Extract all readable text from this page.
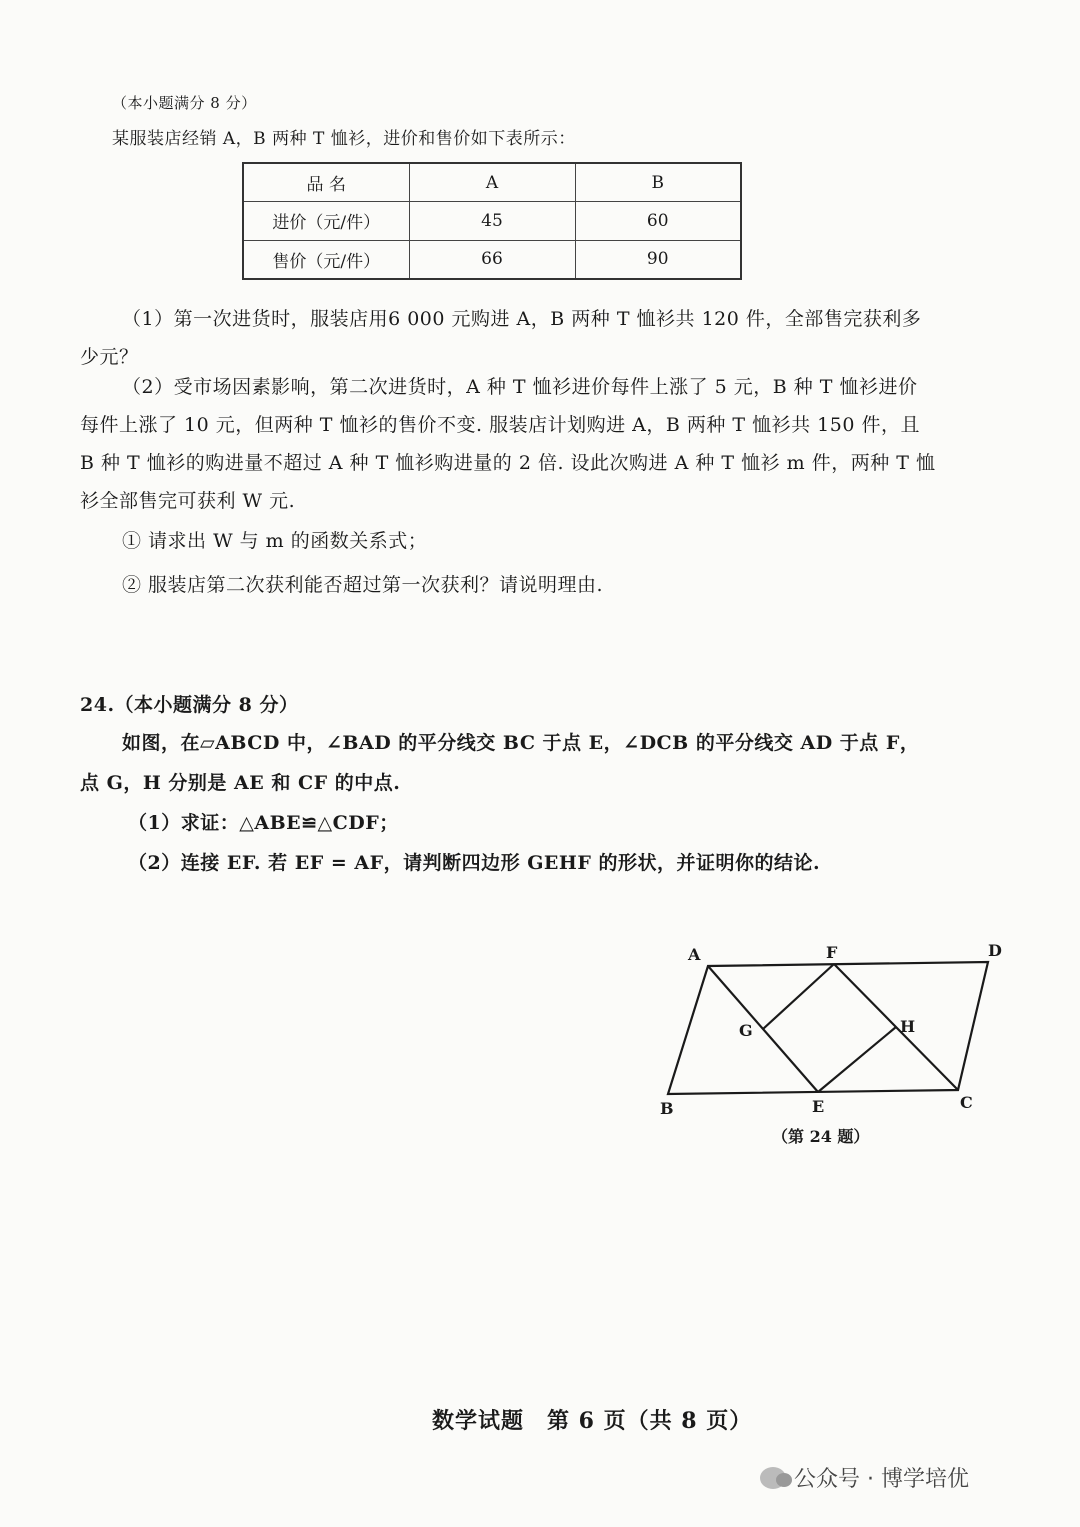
（本小题满分 8 分）
某服装店经销 A，B 两种 T 恤衫，进价和售价如下表所示：
品 名	A	B
进价（元/件）	45	60
售价（元/件）	66	90
（1）第一次进货时，服装店用6 000 元购进 A，B 两种 T 恤衫共 120 件，全部售完获利多
少元？
（2）受市场因素影响，第二次进货时，A 种 T 恤衫进价每件上涨了 5 元，B 种 T 恤衫进价
每件上涨了 10 元，但两种 T 恤衫的售价不变. 服装店计划购进 A，B 两种 T 恤衫共 150 件，且
B 种 T 恤衫的购进量不超过 A 种 T 恤衫购进量的 2 倍. 设此次购进 A 种 T 恤衫 m 件，两种 T 恤
衫全部售完可获利 W 元.
① 请求出 W 与 m 的函数关系式；
② 服装店第二次获利能否超过第一次获利？请说明理由.
24.（本小题满分 8 分）
如图，在▱ABCD 中，∠BAD 的平分线交 BC 于点 E，∠DCB 的平分线交 AD 于点 F，
点 G，H 分别是 AE 和 CF 的中点.
（1）求证：△ABE≌△CDF；
（2）连接 EF. 若 EF = AF，请判断四边形 GEHF 的形状，并证明你的结论.
A	F	D
G	H
B	E	C
（第 24 题）
数学试题　第 6 页（共 8 页）
公众号 · 博学培优
